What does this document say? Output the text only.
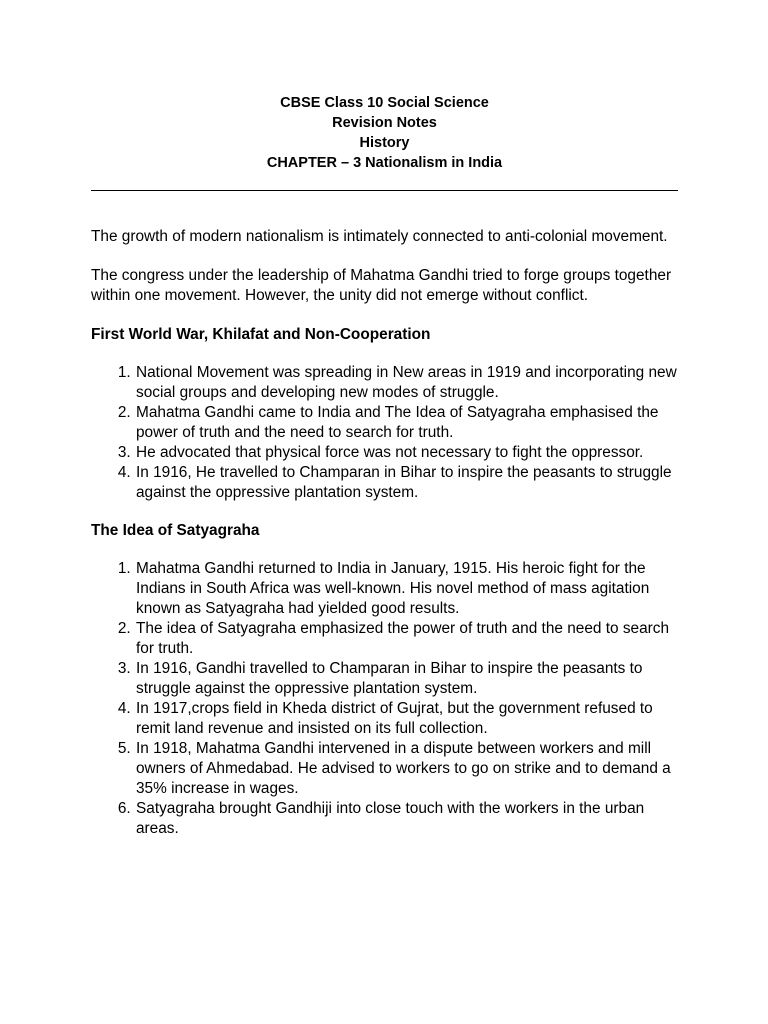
CBSE Class 10 Social Science
Revision Notes
History
CHAPTER – 3 Nationalism in India

The growth of modern nationalism is intimately connected to anti-colonial movement.

The congress under the leadership of Mahatma Gandhi tried to forge groups together within one movement. However, the unity did not emerge without conflict.

First World War, Khilafat and Non-Cooperation
1. National Movement was spreading in New areas in 1919 and incorporating new social groups and developing new modes of struggle.
2. Mahatma Gandhi came to India and The Idea of Satyagraha emphasised the power of truth and the need to search for truth.
3. He advocated that physical force was not necessary to fight the oppressor.
4. In 1916, He travelled to Champaran in Bihar to inspire the peasants to struggle against the oppressive plantation system.
The Idea of Satyagraha
1. Mahatma Gandhi returned to India in January, 1915. His heroic fight for the Indians in South Africa was well-known. His novel method of mass agitation known as Satyagraha had yielded good results.
2. The idea of Satyagraha emphasized the power of truth and the need to search for truth.
3. In 1916, Gandhi travelled to Champaran in Bihar to inspire the peasants to struggle against the oppressive plantation system.
4. In 1917,crops field in Kheda district of Gujrat, but the government refused to remit land revenue and insisted on its full collection.
5. In 1918, Mahatma Gandhi intervened in a dispute between workers and mill owners of Ahmedabad. He advised to workers to go on strike and to demand a 35% increase in wages.
6. Satyagraha brought Gandhiji into close touch with the workers in the urban areas.
